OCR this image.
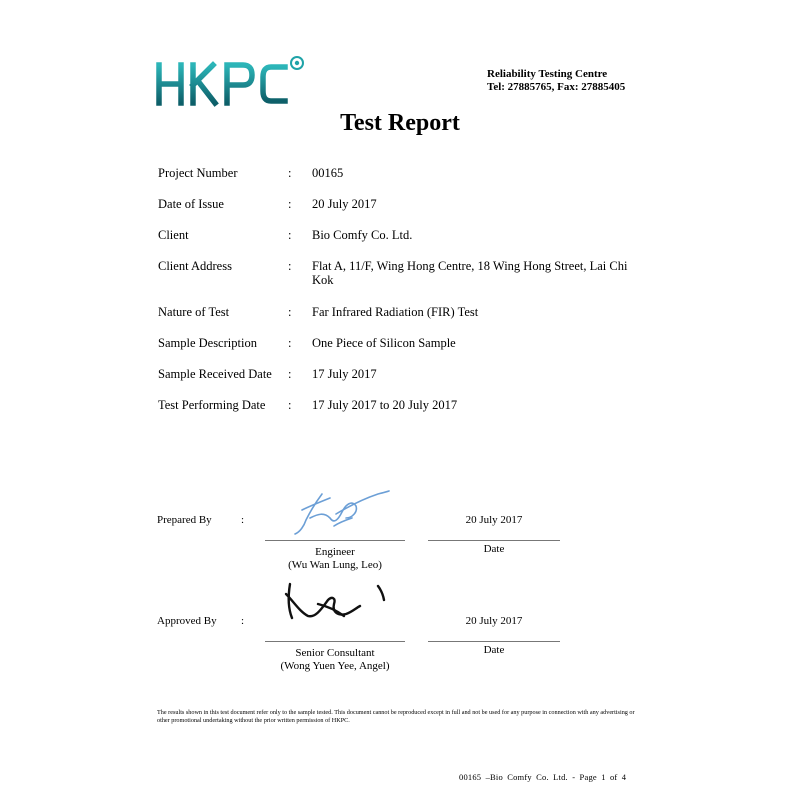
Reliability Testing Centre
Tel: 27885765, Fax: 27885405
Test Report
Project Number	:	00165
Date of Issue	:	20 July 2017
Client	:	Bio Comfy Co. Ltd.
Client Address	:	Flat A, 11/F, Wing Hong Centre, 18 Wing Hong Street, Lai Chi Kok
Nature of Test	:	Far Infrared Radiation (FIR) Test
Sample Description	:	One Piece of Silicon Sample
Sample Received Date	:	17 July 2017
Test Performing Date	:	17 July 2017 to 20 July 2017
Prepared By	:
Engineer
(Wu Wan Lung, Leo)
20 July 2017
Date
Approved By :
Senior Consultant
(Wong Yuen Yee, Angel)
20 July 2017
Date
The results shown in this test document refer only to the sample tested. This document cannot be reproduced except in full and not be used for any purpose in connection with any advertising or other promotional undertaking without the prior written permission of HKPC.
00165 –Bio Comfy Co. Ltd. - Page 1 of 4
